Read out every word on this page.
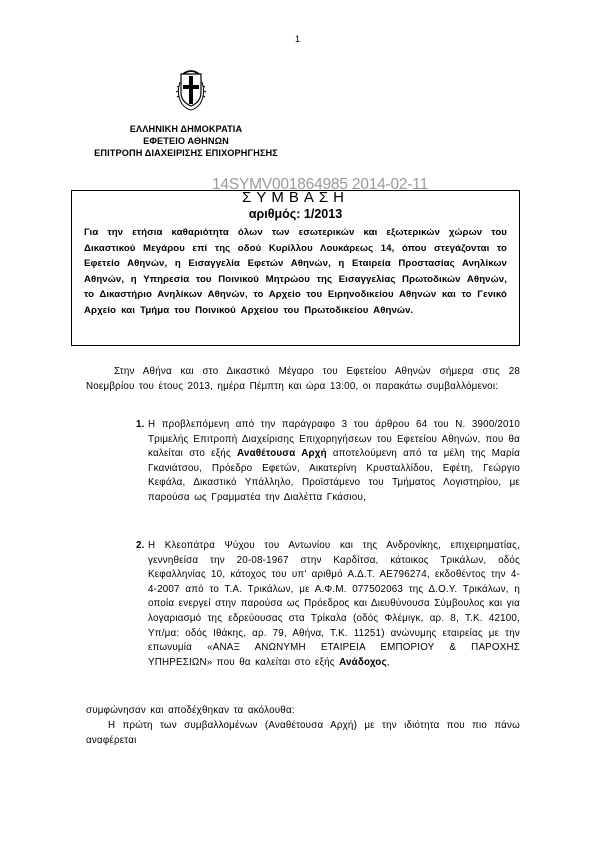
1
ΕΛΛΗΝΙΚΗ ΔΗΜΟΚΡΑΤΙΑ
ΕΦΕΤΕΙΟ ΑΘΗΝΩΝ
ΕΠΙΤΡΟΠΗ ΔΙΑΧΕΙΡΙΣΗΣ ΕΠΙΧΟΡΗΓΗΣΗΣ
14SYMV001864985 2014-02-11
ΣΥΜΒΑΣΗ
αριθμός: 1/2013
Για την ετήσια καθαριότητα όλων των εσωτερικών και εξωτερικών χώρων του Δικαστικού Μεγάρου επί της οδού Κυρίλλου Λουκάρεως 14, όπου στεγάζονται το Εφετείο Αθηνών, η Εισαγγελία Εφετών Αθηνών, η Εταιρεία Προστασίας Ανηλίκων Αθηνών, η Υπηρεσία του Ποινικού Μητρώου της Εισαγγελίας Πρωτοδικών Αθηνών, το Δικαστήριο Ανηλίκων Αθηνών, το Αρχείο του Ειρηνοδικείου Αθηνών και το Γενικό Αρχείο και Τμήμα του Ποινικού Αρχείου του Πρωτοδικείου Αθηνών.
Στην Αθήνα και στο Δικαστικό Μέγαρο του Εφετείου Αθηνών σήμερα στις 28 Νοεμβρίου του έτους 2013, ημέρα Πέμπτη και ώρα 13:00, οι παρακάτω συμβαλλόμενοι:
1. Η προβλεπόμενη από την παράγραφο 3 του άρθρου 64 του Ν. 3900/2010 Τριμελής Επιτροπή Διαχείρισης Επιχορηγήσεων του Εφετείου Αθηνών, που θα καλείται στο εξής Αναθέτουσα Αρχή αποτελούμενη από τα μέλη της Μαρία Γκανιάτσου, Πρόεδρο Εφετών, Αικατερίνη Κρυσταλλίδου, Εφέτη, Γεώργιο Κεφάλα, Δικαστικό Υπάλληλο, Προϊστάμενο του Τμήματος Λογιστηρίου, με παρούσα ως Γραμματέα την Διαλέττα Γκάσιου,
2. Η Κλεοπάτρα Ψύχου του Αντωνίου και της Ανδρονίκης, επιχειρηματίας, γεννηθείσα την 20-08-1967 στην Καρδίτσα, κάτοικος Τρικάλων, οδός Κεφαλληνίας 10, κάτοχος του υπ' αριθμό Α.Δ.Τ. ΑΕ796274, εκδοθέντος την 4-4-2007 από το Τ.Α. Τρικάλων, με Α.Φ.Μ. 077502063 της Δ.Ο.Υ. Τρικάλων, η οποία ενεργεί στην παρούσα ως Πρόεδρος και Διευθύνουσα Σύμβουλος και για λογαριασμό της εδρεύουσας στα Τρίκαλα (οδός Φλέμιγκ, αρ. 8, Τ.Κ. 42100, Υπ/μα: οδός Ιθάκης, αρ. 79, Αθήνα, Τ.Κ. 11251) ανώνυμης εταιρείας με την επωνυμία «ΑΝΑΞ ΑΝΩΝΥΜΗ ΕΤΑΙΡΕΙΑ ΕΜΠΟΡΙΟΥ & ΠΑΡΟΧΗΣ ΥΠΗΡΕΣΙΩΝ» που θα καλείται στο εξής Ανάδοχος,
συμφώνησαν και αποδέχθηκαν τα ακόλουθα:
Η πρώτη των συμβαλλομένων (Αναθέτουσα Αρχή) με την ιδιότητα που πιο πάνω αναφέρεται
